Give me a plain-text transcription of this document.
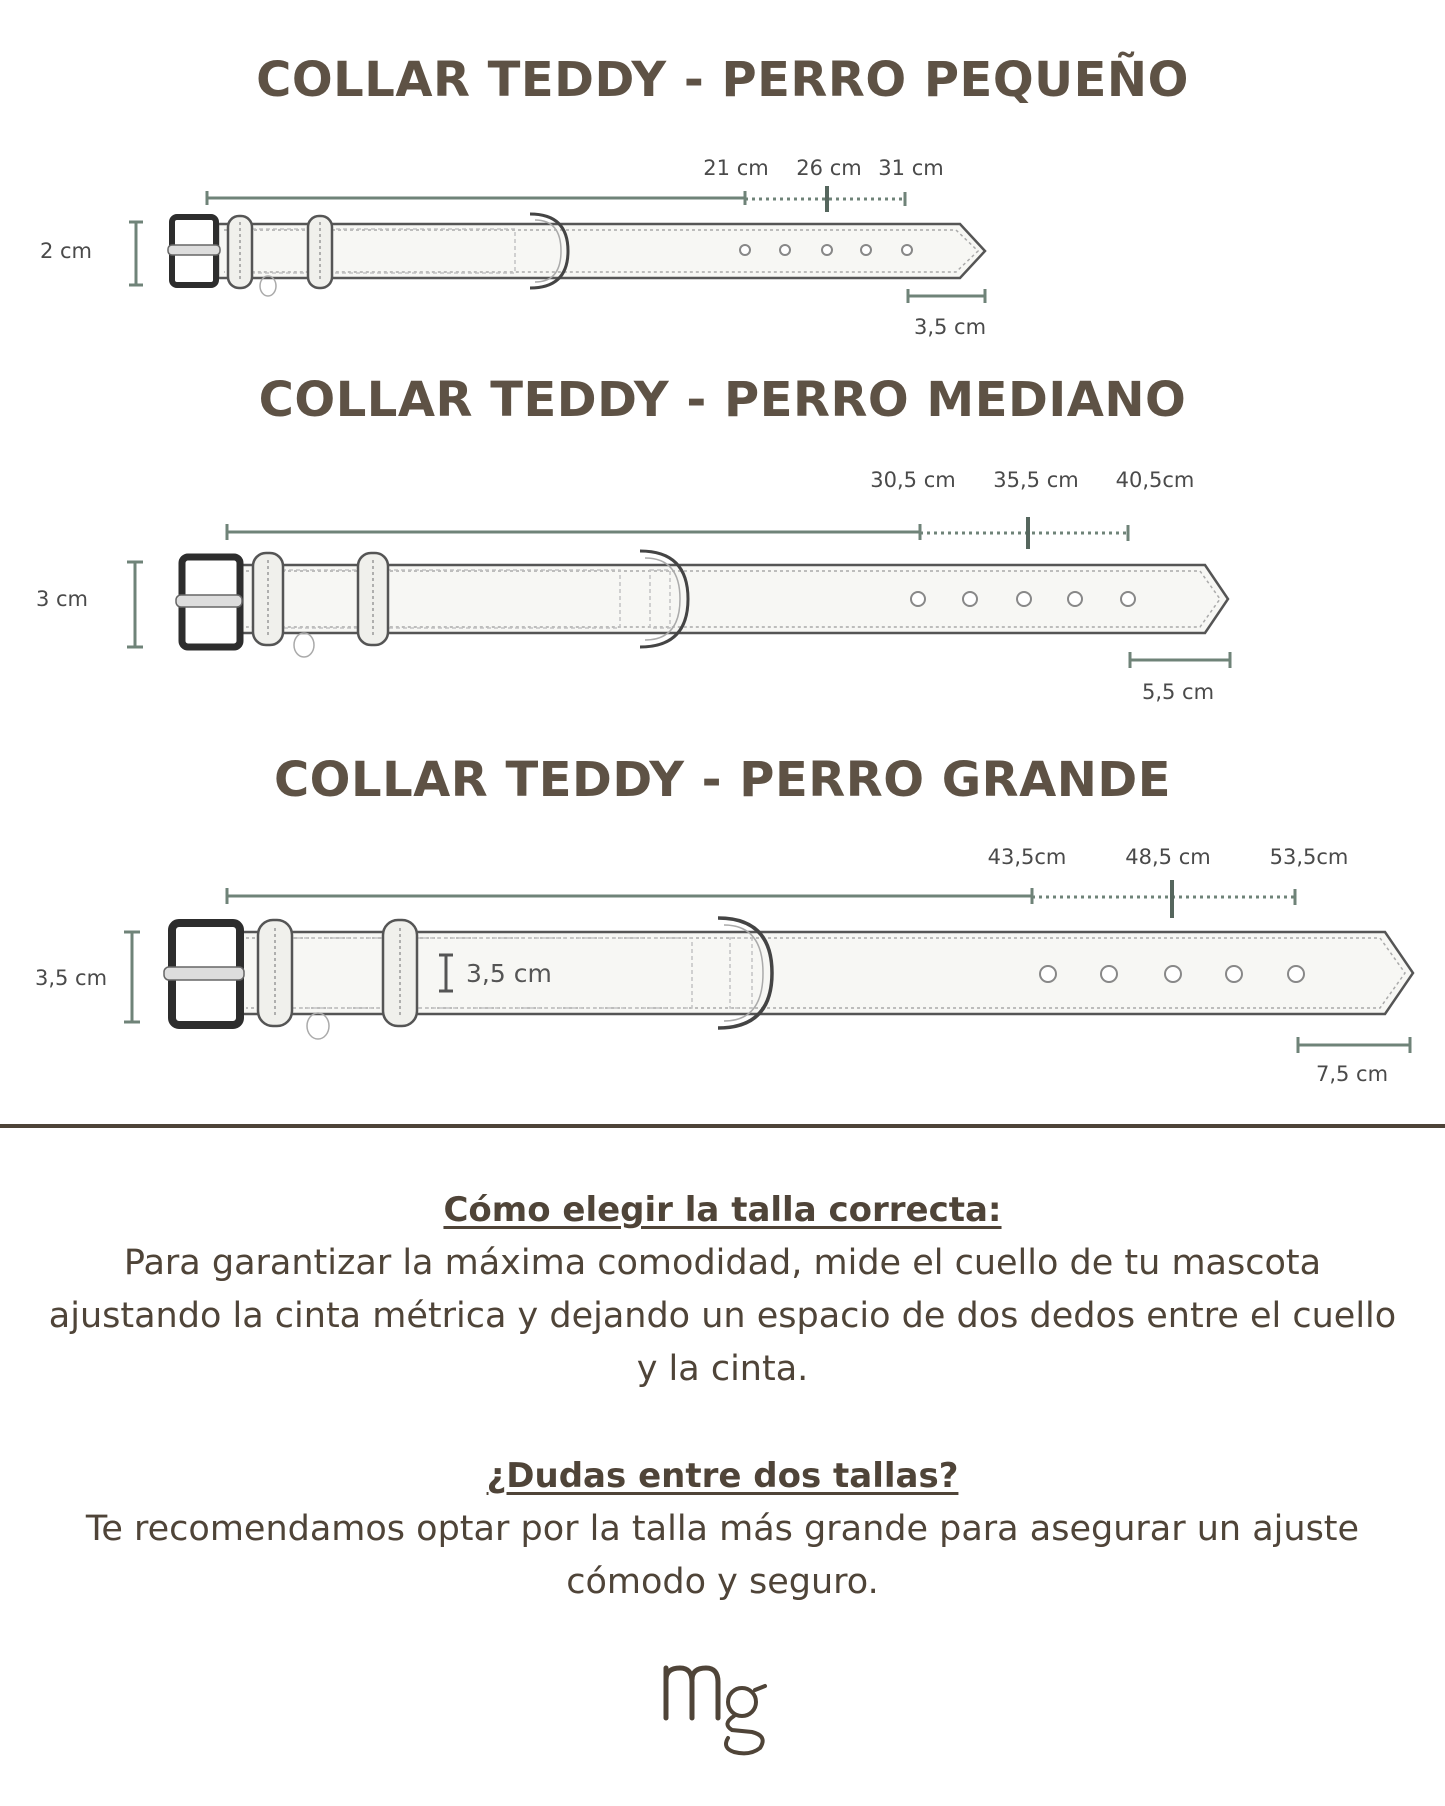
COLLAR TEDDY - PERRO PEQUEÑO
21 cm 26 cm 31 cm
2 cm
3,5 cm
COLLAR TEDDY - PERRO MEDIANO
30,5 cm 35,5 cm 40,5cm
3 cm
5,5 cm
COLLAR TEDDY - PERRO GRANDE
43,5cm	48,5 cm	53,5cm
3,5 cm	3,5 cm
7,5 cm

Cómo elegir la talla correcta:

Para garantizar la máxima comodidad, mide el cuello de tu mascota ajustando la cinta métrica y dejando un espacio de dos dedos entre el cuello y la cinta.

¿Dudas entre dos tallas?

Te recomendamos optar por la talla más grande para asegurar un ajuste cómodo y seguro.
